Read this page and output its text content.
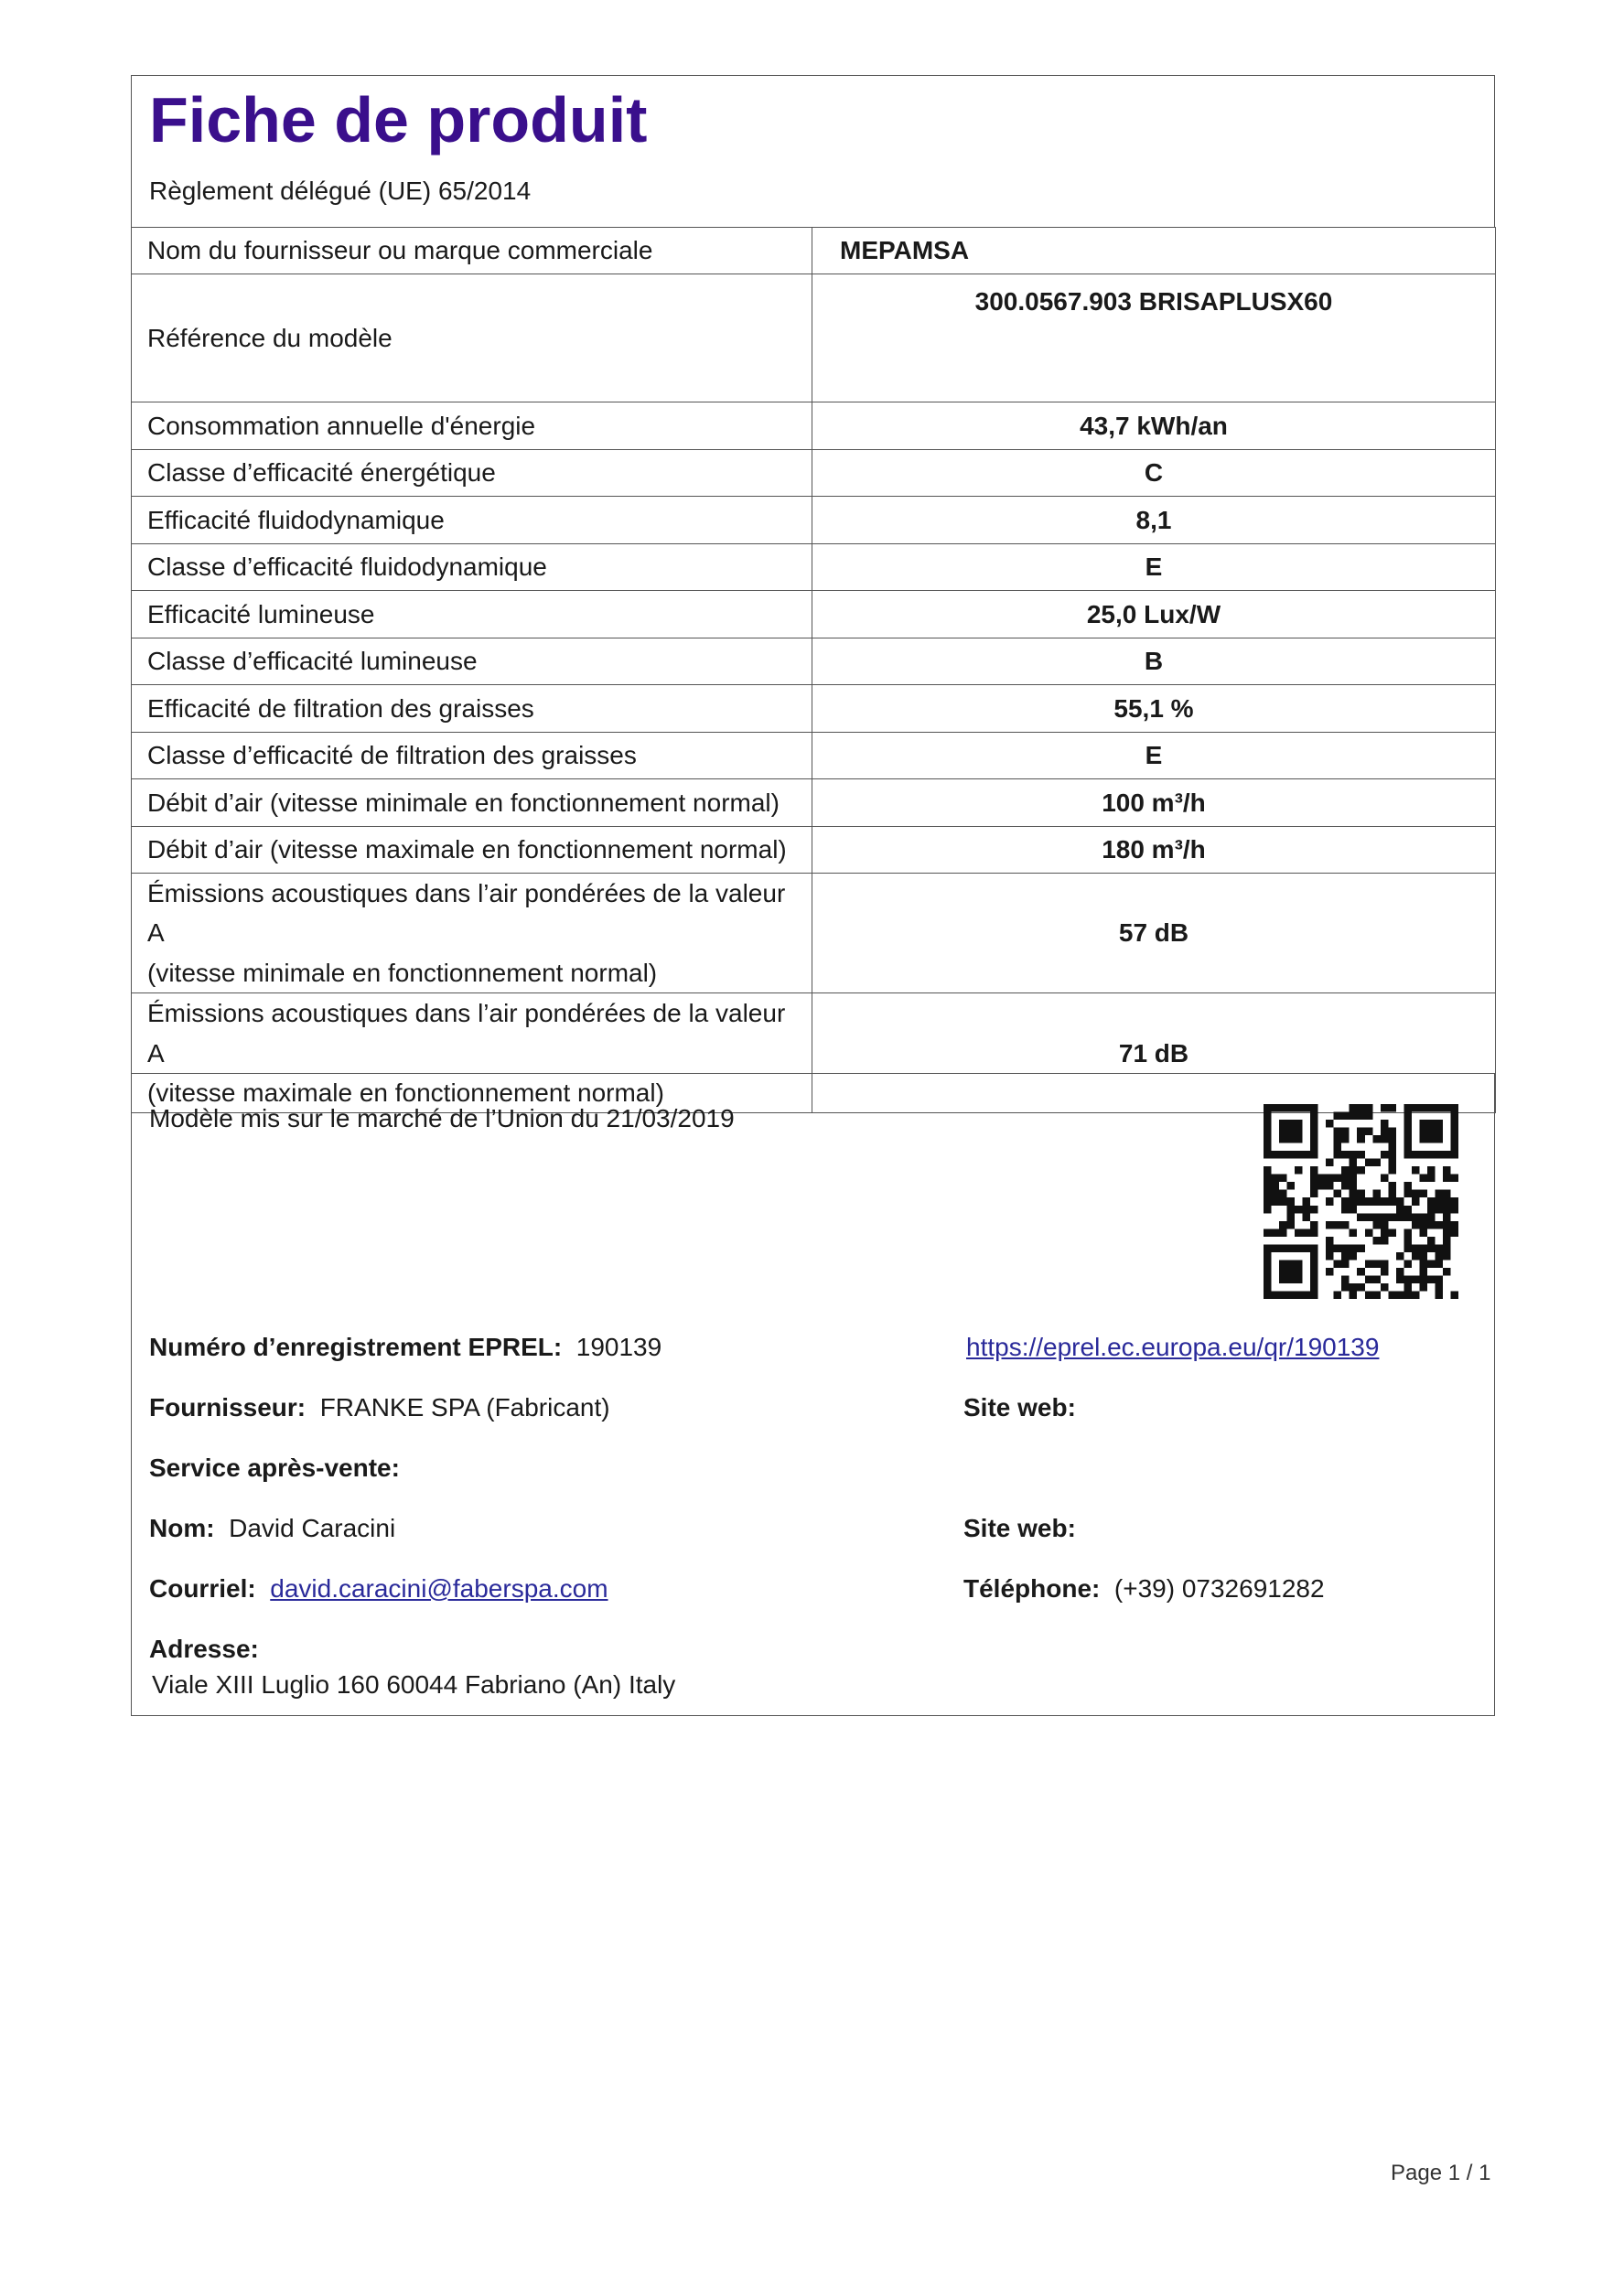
Fiche de produit
Règlement délégué (UE) 65/2014
Nom du fournisseur ou marque commerciale	MEPAMSA
Référence du modèle	300.0567.903 BRISAPLUSX60
Consommation annuelle d'énergie	43,7 kWh/an
Classe d’efficacité énergétique	C
Efficacité fluidodynamique	8,1
Classe d’efficacité fluidodynamique	E
Efficacité lumineuse	25,0 Lux/W
Classe d’efficacité lumineuse	B
Efficacité de filtration des graisses	55,1 %
Classe d’efficacité de filtration des graisses	E
Débit d’air (vitesse minimale en fonctionnement normal)	100 m³/h
Débit d’air (vitesse maximale en fonctionnement normal)	180 m³/h

Émissions acoustiques dans l’air pondérées de la valeur A
(vitesse minimale en fonctionnement normal)	57 dB

Émissions acoustiques dans l’air pondérées de la valeur A
(vitesse maximale en fonctionnement normal)	71 dB
Modèle mis sur le marché de l’Union du 21/03/2019
Numéro d’enregistrement EPREL: 190139	https://eprel.ec.europa.eu/qr/190139
Fournisseur: FRANKE SPA (Fabricant)	Site web:
Service après-vente:
Nom: David Caracini	Site web:
Courriel: david.caracini@faberspa.com	Téléphone: (+39) 0732691282
Adresse:
Viale XIII Luglio 160 60044 Fabriano (An) Italy
Page 1 / 1
